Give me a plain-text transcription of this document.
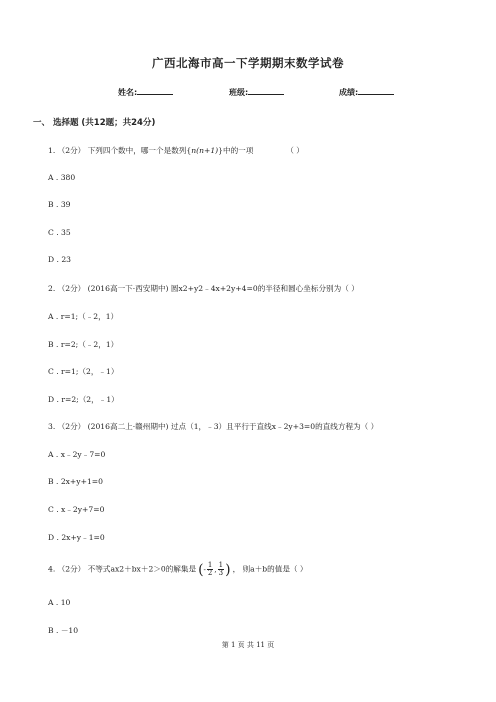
广西北海市高一下学期期末数学试卷
姓名:	班级:	成绩:
一、 选择题 (共12题；共24分)
1. （2分） 下列四个数中，哪一个是数列{n(n+1)}中的一项	（ ）
A . 380
B . 39
C . 35
D . 23
2. （2分） (2016高一下·西安期中) 圆x2+y2﹣4x+2y+4=0的半径和圆心坐标分别为（ ）
A . r=1;（﹣2，1）
B . r=2;（﹣2，1）
C . r=1;（2，﹣1）
D . r=2;（2，﹣1）
3. （2分） (2016高二上·赣州期中) 过点（1，﹣3）且平行于直线x﹣2y+3=0的直线方程为（ ）
A . x﹣2y﹣7=0
B . 2x+y+1=0
C . x﹣2y+7=0
D . 2x+y﹣1=0
4. （2分） 不等式ax2＋bx＋2＞0的解集是 ( - $\frac{1}{2}$ , $\frac{1}{3}$ ) ， 则a＋b的值是（ ）
A . 10
B . －10
第 1 页 共 11 页
